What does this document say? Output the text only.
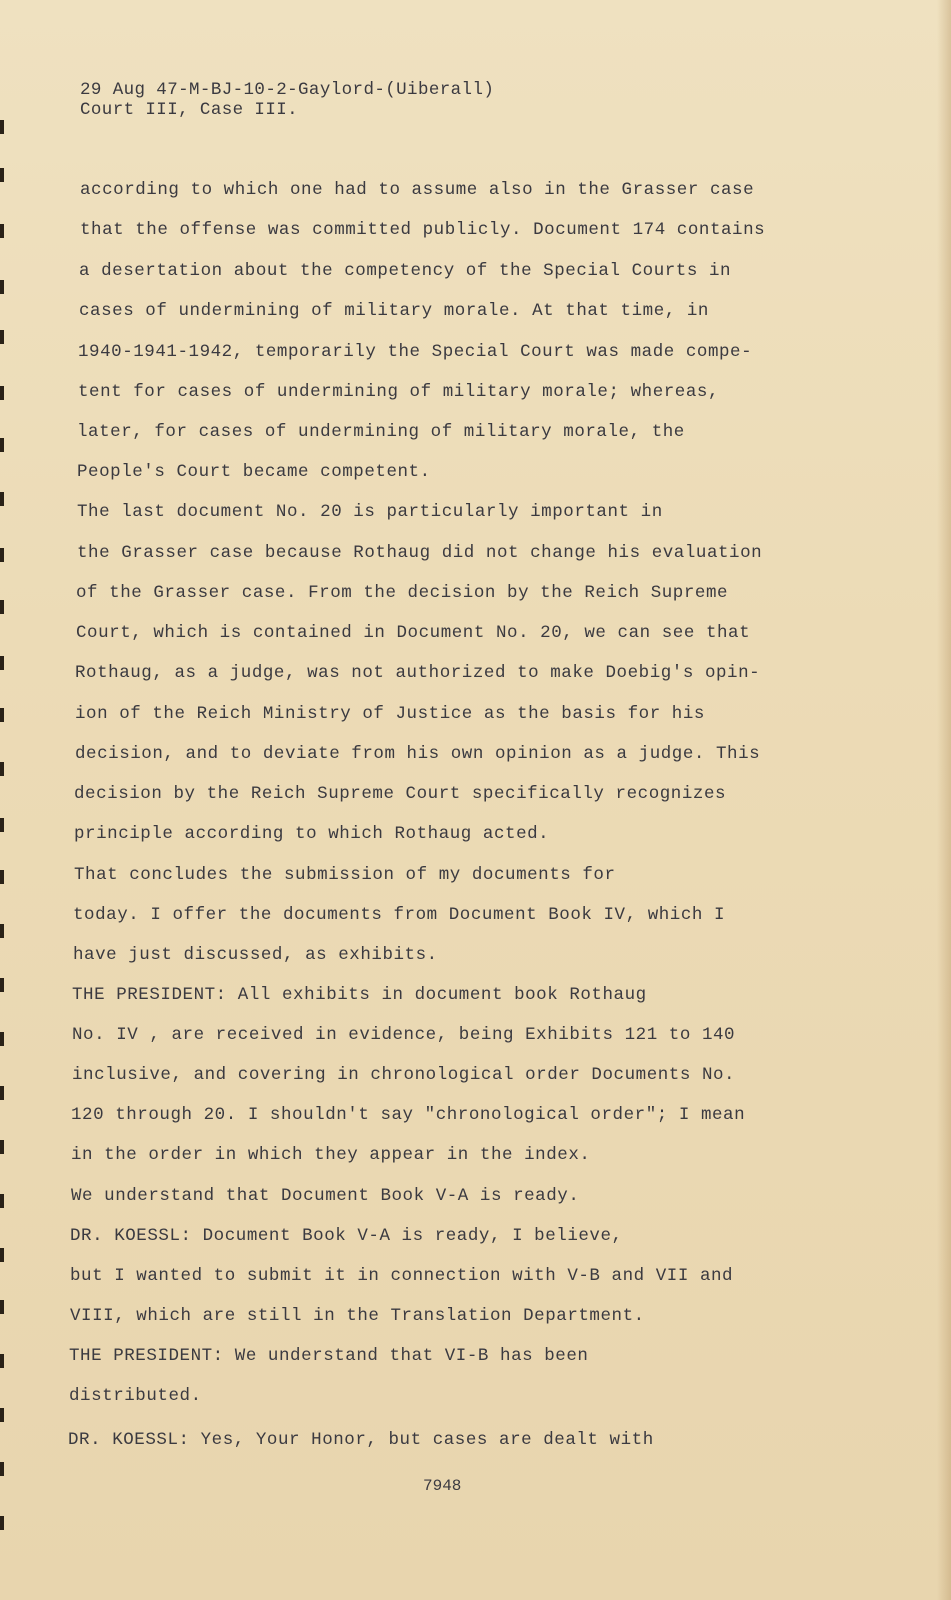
29 Aug 47-M-BJ-10-2-Gaylord-(Uiberall)
Court III, Case III.

according to which one had to assume also in the Grasser case

that the offense was committed publicly. Document 174 contains

a desertation about the competency of the Special Courts in

cases of undermining of military morale. At that time, in

1940-1941-1942, temporarily the Special Court was made compe-

tent for cases of undermining of military morale; whereas,

later, for cases of undermining of military morale, the

People's Court became competent.

The last document No. 20 is particularly important in

the Grasser case because Rothaug did not change his evaluation

of the Grasser case. From the decision by the Reich Supreme

Court, which is contained in Document No. 20, we can see that

Rothaug, as a judge, was not authorized to make Doebig's opin-

ion of the Reich Ministry of Justice as the basis for his

decision, and to deviate from his own opinion as a judge. This

decision by the Reich Supreme Court specifically recognizes

principle according to which Rothaug acted.

That concludes the submission of my documents for

today. I offer the documents from Document Book IV, which I

have just discussed, as exhibits.

THE PRESIDENT: All exhibits in document book Rothaug

No. IV , are received in evidence, being Exhibits 121 to 140

inclusive, and covering in chronological order Documents No.

120 through 20. I shouldn't say "chronological order"; I mean

in the order in which they appear in the index.

We understand that Document Book V-A is ready.

DR. KOESSL: Document Book V-A is ready, I believe,

but I wanted to submit it in connection with V-B and VII and

VIII, which are still in the Translation Department.

THE PRESIDENT: We understand that VI-B has been

distributed.

DR. KOESSL: Yes, Your Honor, but cases are dealt with

7948
